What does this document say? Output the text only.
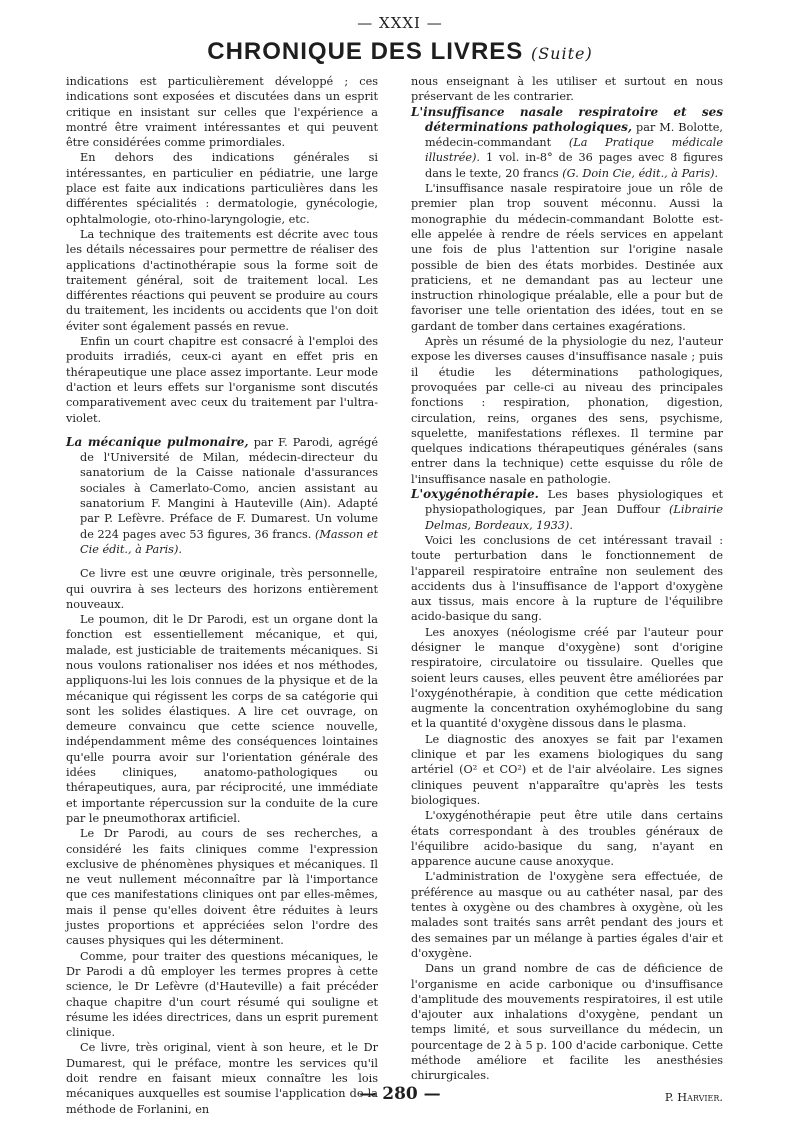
— XXXI —
CHRONIQUE DES LIVRES (Suite)

indications est particulièrement développé ; ces indications sont exposées et discutées dans un esprit critique en insistant sur celles que l'expérience a montré être vraiment intéressantes et qui peuvent être considérées comme primordiales.

En dehors des indications générales si intéressantes, en particulier en pédiatrie, une large place est faite aux indications particulières dans les différentes spécialités : dermatologie, gynécologie, ophtalmologie, oto-rhino-laryngologie, etc.

La technique des traitements est décrite avec tous les détails nécessaires pour permettre de réaliser des applications d'actinothérapie sous la forme soit de traitement général, soit de traitement local. Les différentes réactions qui peuvent se produire au cours du traitement, les incidents ou accidents que l'on doit éviter sont également passés en revue.

Enfin un court chapitre est consacré à l'emploi des produits irradiés, ceux-ci ayant en effet pris en thérapeutique une place assez importante. Leur mode d'action et leurs effets sur l'organisme sont discutés comparativement avec ceux du traitement par l'ultra-violet.

La mécanique pulmonaire, par F. Parodi, agrégé de l'Université de Milan, médecin-directeur du sanatorium de la Caisse nationale d'assurances sociales à Camerlato-Como, ancien assistant au sanatorium F. Mangini à Hauteville (Ain). Adapté par P. Lefèvre. Préface de F. Dumarest. Un volume de 224 pages avec 53 figures, 36 francs. (Masson et Cie édit., à Paris).

Ce livre est une œuvre originale, très personnelle, qui ouvrira à ses lecteurs des horizons entièrement nouveaux.

Le poumon, dit le Dr Parodi, est un organe dont la fonction est essentiellement mécanique, et qui, malade, est justiciable de traitements mécaniques. Si nous voulons rationaliser nos idées et nos méthodes, appliquons-lui les lois connues de la physique et de la mécanique qui régissent les corps de sa catégorie qui sont les solides élastiques. A lire cet ouvrage, on demeure convaincu que cette science nouvelle, indépendamment même des conséquences lointaines qu'elle pourra avoir sur l'orientation générale des idées cliniques, anatomo-pathologiques ou thérapeutiques, aura, par réciprocité, une immédiate et importante répercussion sur la conduite de la cure par le pneumothorax artificiel.

Le Dr Parodi, au cours de ses recherches, a considéré les faits cliniques comme l'expression exclusive de phénomènes physiques et mécaniques. Il ne veut nullement méconnaître par là l'importance que ces manifestations cliniques ont par elles-mêmes, mais il pense qu'elles doivent être réduites à leurs justes proportions et appréciées selon l'ordre des causes physiques qui les déterminent.

Comme, pour traiter des questions mécaniques, le Dr Parodi a dû employer les termes propres à cette science, le Dr Lefèvre (d'Hauteville) a fait précéder chaque chapitre d'un court résumé qui souligne et résume les idées directrices, dans un esprit purement clinique.

Ce livre, très original, vient à son heure, et le Dr Dumarest, qui le préface, montre les services qu'il doit rendre en faisant mieux connaître les lois mécaniques auxquelles est soumise l'application de la méthode de Forlanini, en

nous enseignant à les utiliser et surtout en nous préservant de les contrarier.

L'insuffisance nasale respiratoire et ses déterminations pathologiques, par M. Bolotte, médecin-commandant (La Pratique médicale illustrée). 1 vol. in-8° de 36 pages avec 8 figures dans le texte, 20 francs (G. Doin Cie, édit., à Paris).

L'insuffisance nasale respiratoire joue un rôle de premier plan trop souvent méconnu. Aussi la monographie du médecin-commandant Bolotte est-elle appelée à rendre de réels services en appelant une fois de plus l'attention sur l'origine nasale possible de bien des états morbides. Destinée aux praticiens, et ne demandant pas au lecteur une instruction rhinologique préalable, elle a pour but de favoriser une telle orientation des idées, tout en se gardant de tomber dans certaines exagérations.

Après un résumé de la physiologie du nez, l'auteur expose les diverses causes d'insuffisance nasale ; puis il étudie les déterminations pathologiques, provoquées par celle-ci au niveau des principales fonctions : respiration, phonation, digestion, circulation, reins, organes des sens, psychisme, squelette, manifestations réflexes. Il termine par quelques indications thérapeutiques générales (sans entrer dans la technique) cette esquisse du rôle de l'insuffisance nasale en pathologie.

L'oxygénothérapie. Les bases physiologiques et physiopathologiques, par Jean Duffour (Librairie Delmas, Bordeaux, 1933).

Voici les conclusions de cet intéressant travail : toute perturbation dans le fonctionnement de l'appareil respiratoire entraîne non seulement des accidents dus à l'insuffisance de l'apport d'oxygène aux tissus, mais encore à la rupture de l'équilibre acido-basique du sang.

Les anoxyes (néologisme créé par l'auteur pour désigner le manque d'oxygène) sont d'origine respiratoire, circulatoire ou tissulaire. Quelles que soient leurs causes, elles peuvent être améliorées par l'oxygénothérapie, à condition que cette médication augmente la concentration oxyhémoglobine du sang et la quantité d'oxygène dissous dans le plasma.

Le diagnostic des anoxyes se fait par l'examen clinique et par les examens biologiques du sang artériel (O² et CO²) et de l'air alvéolaire. Les signes cliniques peuvent n'apparaître qu'après les tests biologiques.

L'oxygénothérapie peut être utile dans certains états correspondant à des troubles généraux de l'équilibre acido-basique du sang, n'ayant en apparence aucune cause anoxyque.

L'administration de l'oxygène sera effectuée, de préférence au masque ou au cathéter nasal, par des tentes à oxygène ou des chambres à oxygène, où les malades sont traités sans arrêt pendant des jours et des semaines par un mélange à parties égales d'air et d'oxygène.

Dans un grand nombre de cas de déficience de l'organisme en acide carbonique ou d'insuffisance d'amplitude des mouvements respiratoires, il est utile d'ajouter aux inhalations d'oxygène, pendant un temps limité, et sous surveillance du médecin, un pourcentage de 2 à 5 p. 100 d'acide carbonique. Cette méthode améliore et facilite les anesthésies chirurgicales.

P. Harvier.
— 280 —
